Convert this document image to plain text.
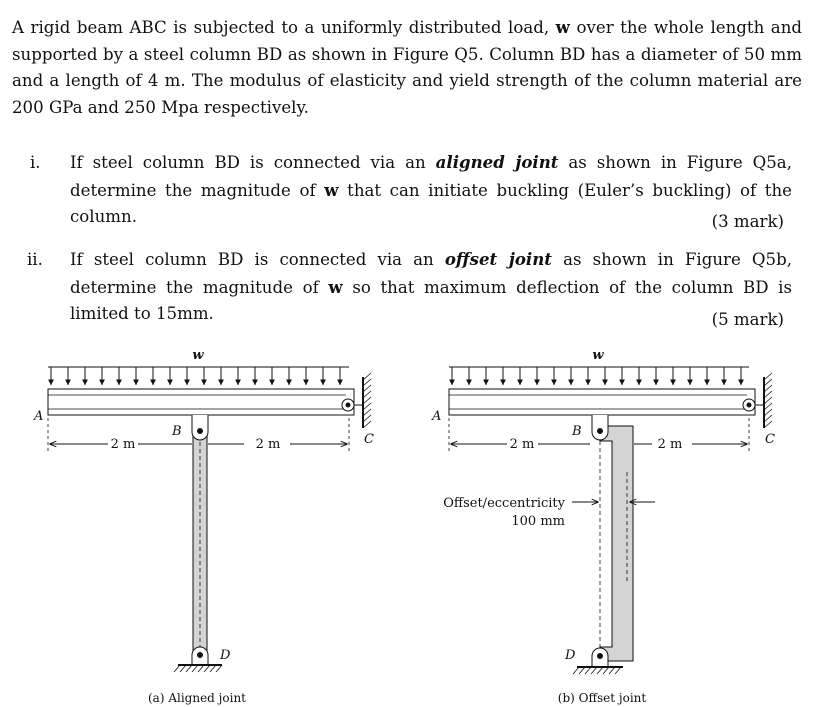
A rigid beam ABC is subjected to a uniformly distributed load, w over the whole length and supported by a steel column BD as shown in Figure Q5. Column BD has a diameter of 50 mm and a length of 4 m. The modulus of elasticity and yield strength of the column material are 200 GPa and 250 Mpa respectively.

i. If steel column BD is connected via an aligned joint as shown in Figure Q5a, determine the magnitude of w that can initiate buckling (Euler’s buckling) of the column.	(3 mark)
ii. If steel column BD is connected via an offset joint as shown in Figure Q5b, determine the magnitude of w so that maximum deflection of the column BD is limited to 15mm.	(5 mark)
w
A
B
C
D
2 m	2 m
(a) Aligned joint
w
A
B
C
D
2 m	2 m
Offset/eccentricity
100 mm
(b) Offset joint
